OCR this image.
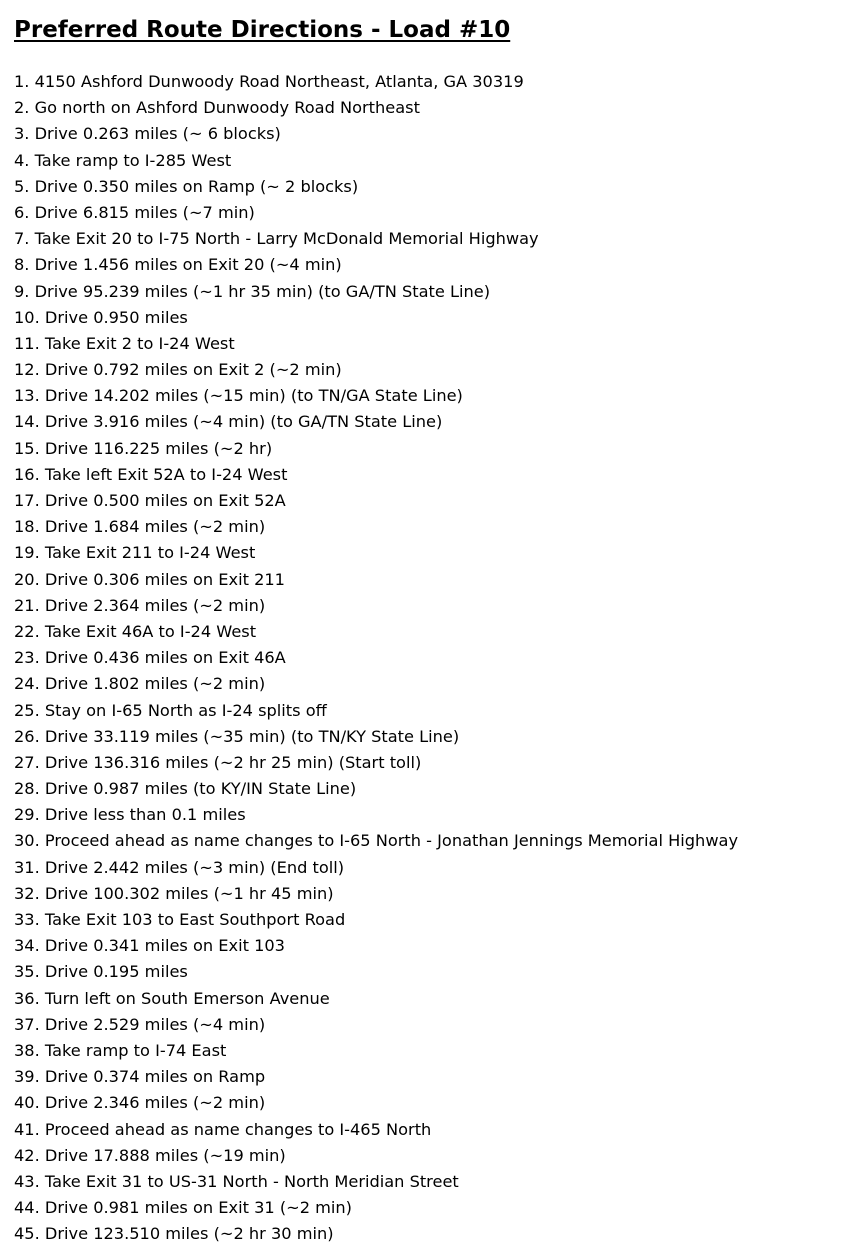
Preferred Route Directions - Load #10
1. 4150 Ashford Dunwoody Road Northeast, Atlanta, GA 30319
2. Go north on Ashford Dunwoody Road Northeast
3. Drive 0.263 miles (~ 6 blocks)
4. Take ramp to I-285 West
5. Drive 0.350 miles on Ramp (~ 2 blocks)
6. Drive 6.815 miles (~7 min)
7. Take Exit 20 to I-75 North - Larry McDonald Memorial Highway
8. Drive 1.456 miles on Exit 20 (~4 min)
9. Drive 95.239 miles (~1 hr 35 min) (to GA/TN State Line)
10. Drive 0.950 miles
11. Take Exit 2 to I-24 West
12. Drive 0.792 miles on Exit 2 (~2 min)
13. Drive 14.202 miles (~15 min) (to TN/GA State Line)
14. Drive 3.916 miles (~4 min) (to GA/TN State Line)
15. Drive 116.225 miles (~2 hr)
16. Take left Exit 52A to I-24 West
17. Drive 0.500 miles on Exit 52A
18. Drive 1.684 miles (~2 min)
19. Take Exit 211 to I-24 West
20. Drive 0.306 miles on Exit 211
21. Drive 2.364 miles (~2 min)
22. Take Exit 46A to I-24 West
23. Drive 0.436 miles on Exit 46A
24. Drive 1.802 miles (~2 min)
25. Stay on I-65 North as I-24 splits off
26. Drive 33.119 miles (~35 min) (to TN/KY State Line)
27. Drive 136.316 miles (~2 hr 25 min) (Start toll)
28. Drive 0.987 miles (to KY/IN State Line)
29. Drive less than 0.1 miles
30. Proceed ahead as name changes to I-65 North - Jonathan Jennings Memorial Highway
31. Drive 2.442 miles (~3 min) (End toll)
32. Drive 100.302 miles (~1 hr 45 min)
33. Take Exit 103 to East Southport Road
34. Drive 0.341 miles on Exit 103
35. Drive 0.195 miles
36. Turn left on South Emerson Avenue
37. Drive 2.529 miles (~4 min)
38. Take ramp to I-74 East
39. Drive 0.374 miles on Ramp
40. Drive 2.346 miles (~2 min)
41. Proceed ahead as name changes to I-465 North
42. Drive 17.888 miles (~19 min)
43. Take Exit 31 to US-31 North - North Meridian Street
44. Drive 0.981 miles on Exit 31 (~2 min)
45. Drive 123.510 miles (~2 hr 30 min)
